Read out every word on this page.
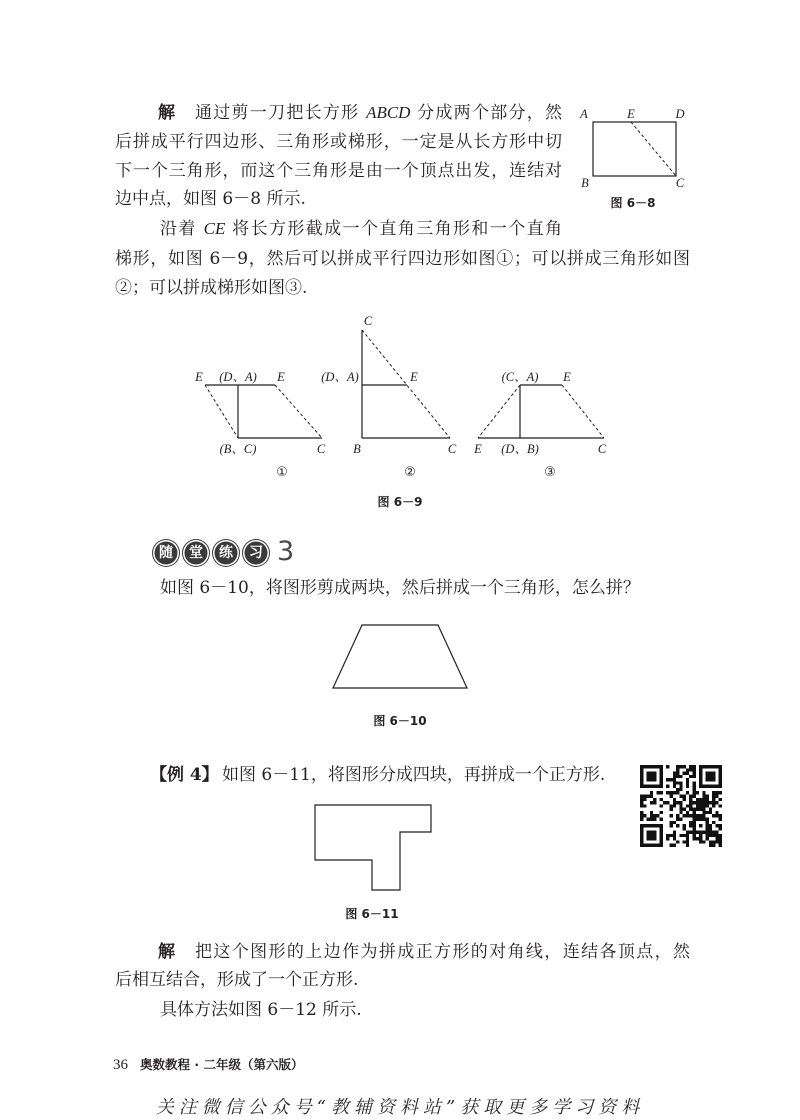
解 通过剪一刀把长方形 ABCD 分成两个部分，然
后拼成平行四边形、三角形或梯形，一定是从长方形中切
下一个三角形，而这个三角形是由一个顶点出发，连结对
边中点，如图 6－8 所示.
沿着 CE 将长方形截成一个直角三角形和一个直角
梯形，如图 6－9，然后可以拼成平行四边形如图①；可以拼成三角形如图
②；可以拼成梯形如图③.
A	E	D
B	C
图 6－8
E (D、A) E
(B、C)	C
①
C
(D、A)	E
B	C
②
(C、A) E
E (D、B)	C
③
图 6－9
随	堂	练	习 3
如图 6－10，将图形剪成两块，然后拼成一个三角形，怎么拼？
图 6－10
【例 4】 如图 6－11，将图形分成四块，再拼成一个正方形.
图 6－11
解 把这个图形的上边作为拼成正方形的对角线，连结各顶点，然
后相互结合，形成了一个正方形.
具体方法如图 6－12 所示.
36 奥数教程 · 二年级（第六版）
关注微信公众号“教辅资料站”获取更多学习资料
